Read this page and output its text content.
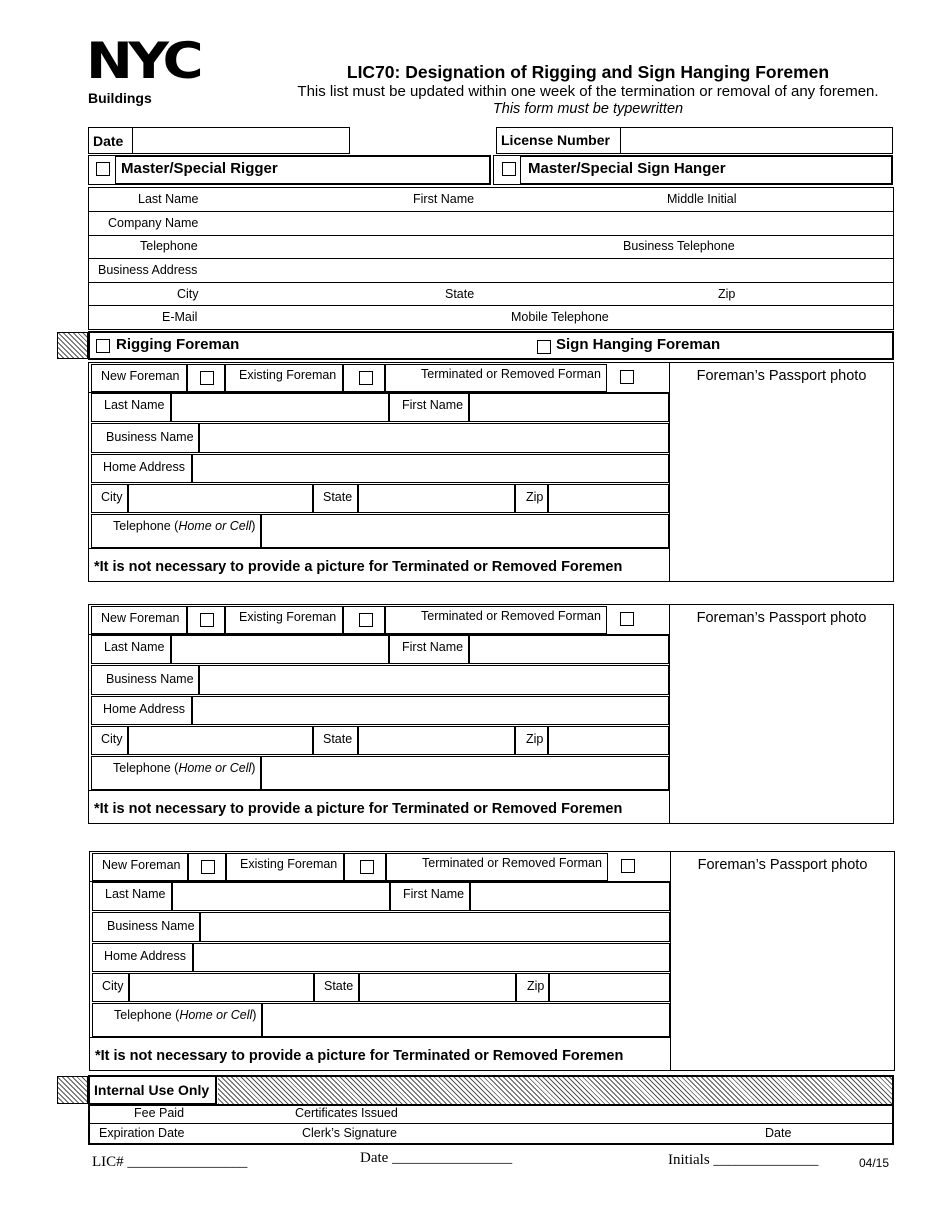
NYC
Buildings
LIC70: Designation of Rigging and Sign Hanging Foremen
This list must be updated within one week of the termination or removal of any foremen.
This form must be typewritten
Date	License Number
Master/Special Rigger	Master/Special Sign Hanger
Last Name	First Name	Middle Initial
Company Name
Telephone	Business Telephone
Business Address
City	State	Zip
E-Mail	Mobile Telephone
Rigging Foreman	Sign Hanging Foreman
Foreman’s Passport photo
New Foreman	Existing Foreman	Terminated or Removed Forman
Last Name	First Name
Business Name
Home Address
City	State	Zip
Telephone (Home or Cell)
*It is not necessary to provide a picture for Terminated or Removed Foremen
Foreman’s Passport photo
New Foreman	Existing Foreman	Terminated or Removed Forman
Last Name	First Name
Business Name
Home Address
City	State	Zip
Telephone (Home or Cell)
*It is not necessary to provide a picture for Terminated or Removed Foremen
Foreman’s Passport photo
New Foreman	Existing Foreman	Terminated or Removed Forman
Last Name	First Name
Business Name
Home Address
City	State	Zip
Telephone (Home or Cell)
*It is not necessary to provide a picture for Terminated or Removed Foremen
Internal Use Only
Fee Paid	Certificates Issued
Expiration Date	Clerk’s Signature	Date
LIC# ________________	Date ________________	Initials ______________	04/15
